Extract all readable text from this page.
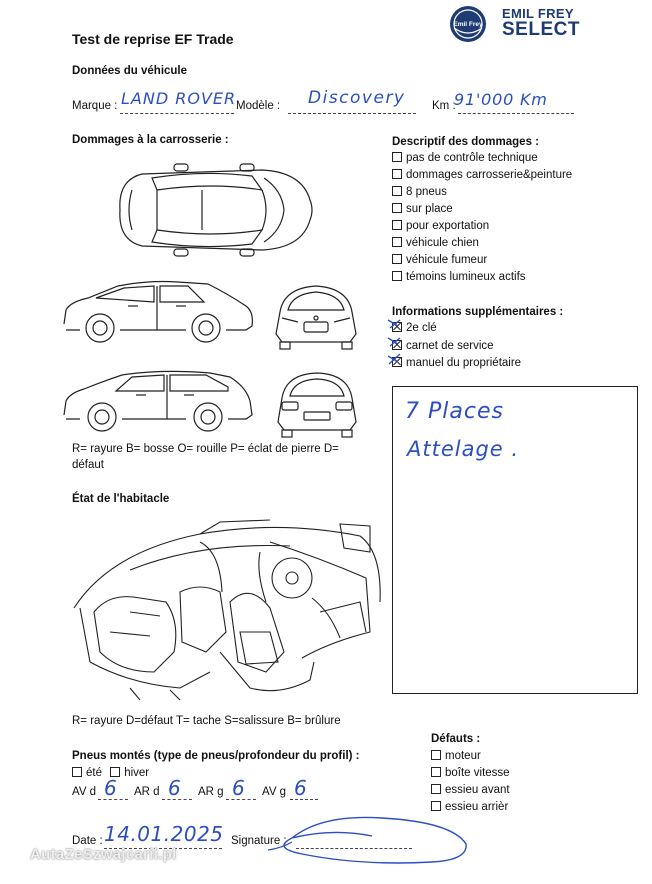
Test de reprise EF Trade
Emil Frey
EMIL FREY
SELECT
Données du véhicule
Marque : LAND ROVER Modèle : Discovery Km :
91'000 Km
Dommages à la carrosserie :
R= rayure B= bosse O= rouille P= éclat de pierre D=
défaut
Descriptif des dommages :
pas de contrôle technique
dommages carrosserie&peinture
8 pneus
sur place
pour exportation
véhicule chien
véhicule fumeur
témoins lumineux actifs
Informations supplémentaires :
2e clé
carnet de service
manuel du propriétaire
7 Places
Attelage .
État de l'habitacle
R= rayure D=défaut T= tache S=salissure B= brûlure
Pneus montés (type de pneus/profondeur du profil) :
été hiver
AV d 6 AR d 6 AR g 6 AV g 6
Défauts :
moteur
boîte vitesse
essieu avant
essieu arrièr
Date : 14.01.2025 Signature :
AutaZeSzwajcarii.pl
